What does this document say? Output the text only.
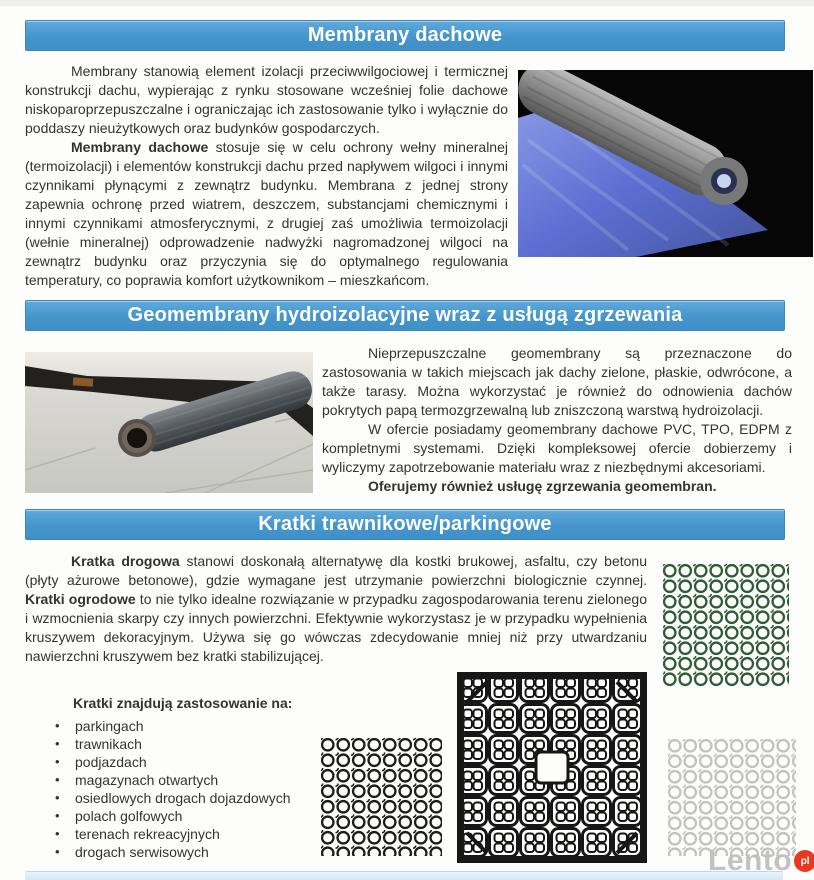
Membrany dachowe

Membrany stanowią element izolacji przeciwwilgociowej i termicznej konstrukcji dachu, wypierając z rynku stosowane wcześniej folie dachowe niskoparoprzepuszczalne i ograniczając ich zastosowanie tylko i wyłącznie do poddaszy nieużytkowych oraz budynków gospodarczych.

Membrany dachowe stosuje się w celu ochrony wełny mineralnej (termoizolacji) i elementów konstrukcji dachu przed napływem wilgoci i innymi czynnikami płynącymi z zewnątrz budynku. Membrana z jednej strony zapewnia ochronę przed wiatrem, deszczem, substancjami chemicznymi i innymi czynnikami atmosferycznymi, z drugiej zaś umożliwia termoizolacji (wełnie mineralnej) odprowadzenie nadwyżki nagromadzonej wilgoci na zewnątrz budynku oraz przyczynia się do optymalnego regulowania temperatury, co poprawia komfort użytkownikom – mieszkańcom.

Geomembrany hydroizolacyjne wraz z usługą zgrzewania

Nieprzepuszczalne geomembrany są przeznaczone do zastosowania w takich miejscach jak dachy zielone, płaskie, odwrócone, a także tarasy. Można wykorzystać je również do odnowienia dachów pokrytych papą termozgrzewalną lub zniszczoną warstwą hydroizolacji.

W ofercie posiadamy geomembrany dachowe PVC, TPO, EDPM z kompletnymi systemami. Dzięki kompleksowej ofercie dobierzemy i wyliczymy zapotrzebowanie materiału wraz z niezbędnymi akcesoriami.

Oferujemy również usługę zgrzewania geomembran.

Kratki trawnikowe/parkingowe

Kratka drogowa stanowi doskonałą alternatywę dla kostki brukowej, asfaltu, czy betonu (płyty ażurowe betonowe), gdzie wymagane jest utrzymanie powierzchni biologicznie czynnej. Kratki ogrodowe to nie tylko idealne rozwiązanie w przypadku zagospodarowania terenu zielonego i wzmocnienia skarpy czy innych powierzchni. Efektywnie wykorzystasz je w przypadku wypełnienia kruszywem dekoracyjnym. Używa się go wówczas zdecydowanie mniej niż przy utwardzaniu nawierzchni kruszywem bez kratki stabilizującej.

Kratki znajdują zastosowanie na:
• parkingach
• trawnikach
• podjazdach
• magazynach otwartych
• osiedlowych drogach dojazdowych
• polach golfowych
• terenach rekreacyjnych
• drogach serwisowych	Lento pl
